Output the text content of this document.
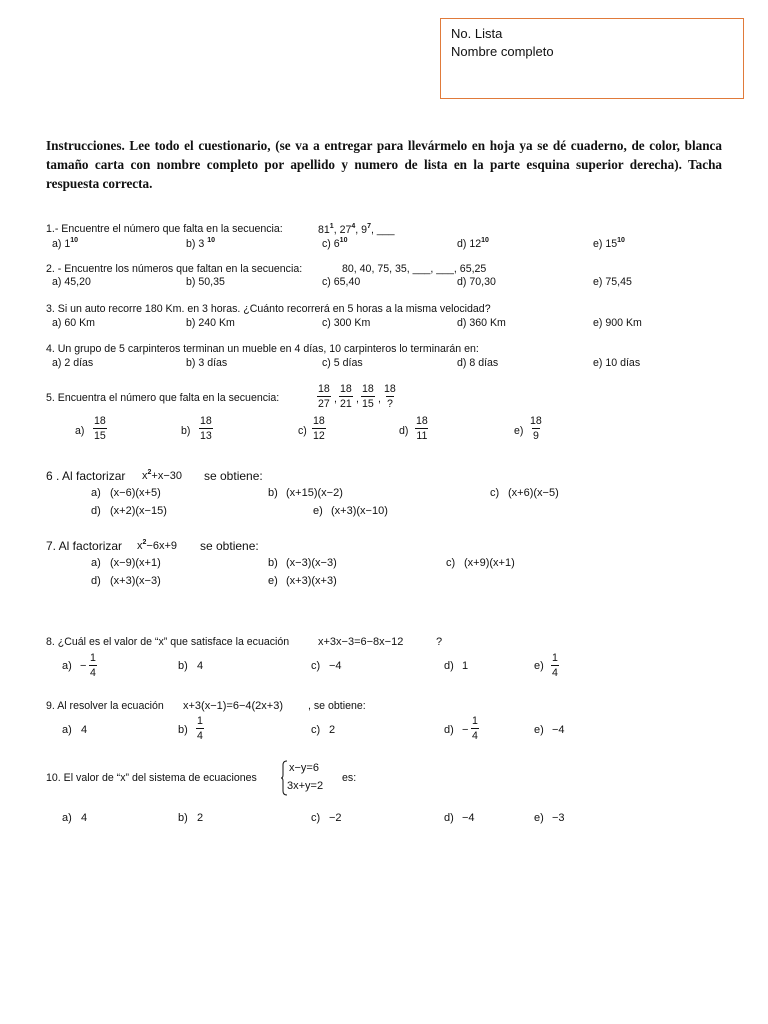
No. Lista
Nombre completo
Instrucciones. Lee todo el cuestionario, (se va a entregar para llevármelo en hoja ya se dé cuaderno, de color, blanca tamaño carta con nombre completo por apellido y numero de lista en la parte esquina superior derecha). Tacha respuesta correcta.
1.- Encuentre el número que falta en la secuencia:	$81^1$, $27^4$, $9^7$, ___
a) $1^{10}$	b) 3 $^{10}$	c) $6^{10}$	d) $12^{10}$	e) $15^{10}$
2. - Encuentre los números que faltan en la secuencia:	80, 40, 75, 35, ___, ___, 65,25
a) 45,20	b) 50,35	c) 65,40	d) 70,30	e) 75,45
3. Si un auto recorre 180 Km. en 3 horas. ¿Cuánto recorrerá en 5 horas a la misma velocidad?
a) 60 Km	b) 240 Km	c) 300 Km	d) 360 Km	e) 900 Km
4. Un grupo de 5 carpinteros terminan un mueble en 4 días, 10 carpinteros lo terminarán en:
a) 2 días	b) 3 días	c) 5 días	d) 8 días	e) 10 días
5. Encuentra el número que falta en la secuencia:	$\frac{18}{27}$ , $\frac{18}{21}$ , $\frac{18}{15}$ ,
18
?
$a) \frac{18}{15}$	$b) \frac{18}{13}$	$c) \frac{18}{12}$	$d) \frac{18}{11}$	$e) \frac{18}{9}$
6 . Al factorizar $x^2+x-30$ se obtiene:
a) (x−6)(x+5)	b) (x+15)(x−2)	c) (x+6)(x−5)
d) (x+2)(x−15)	e) (x+3)(x−10)
7. Al factorizar $x^2-6x+9$ se obtiene:
a) (x−9)(x+1)	b) (x−3)(x−3)	c) (x+9)(x+1)
d) (x+3)(x−3)	e) (x+3)(x+3)
8. ¿Cuál es el valor de “x” que satisface la ecuación	x+3x−3=6−8x−12	?
$a) - \frac{1}{4}$	b) 4	c) −4	d) 1	$e) \frac{1}{4}$
9. Al resolver la ecuación x+3(x−1)=6−4(2x+3) , se obtiene:
a) 4	$b) \frac{1}{4}$	c) 2	$d) - \frac{1}{4}$	e) −4
10. El valor de “x” del sistema de ecuaciones
x−y=6
3x+y=2
es:
a) 4	b) 2	c) −2	d) −4	e) −3
